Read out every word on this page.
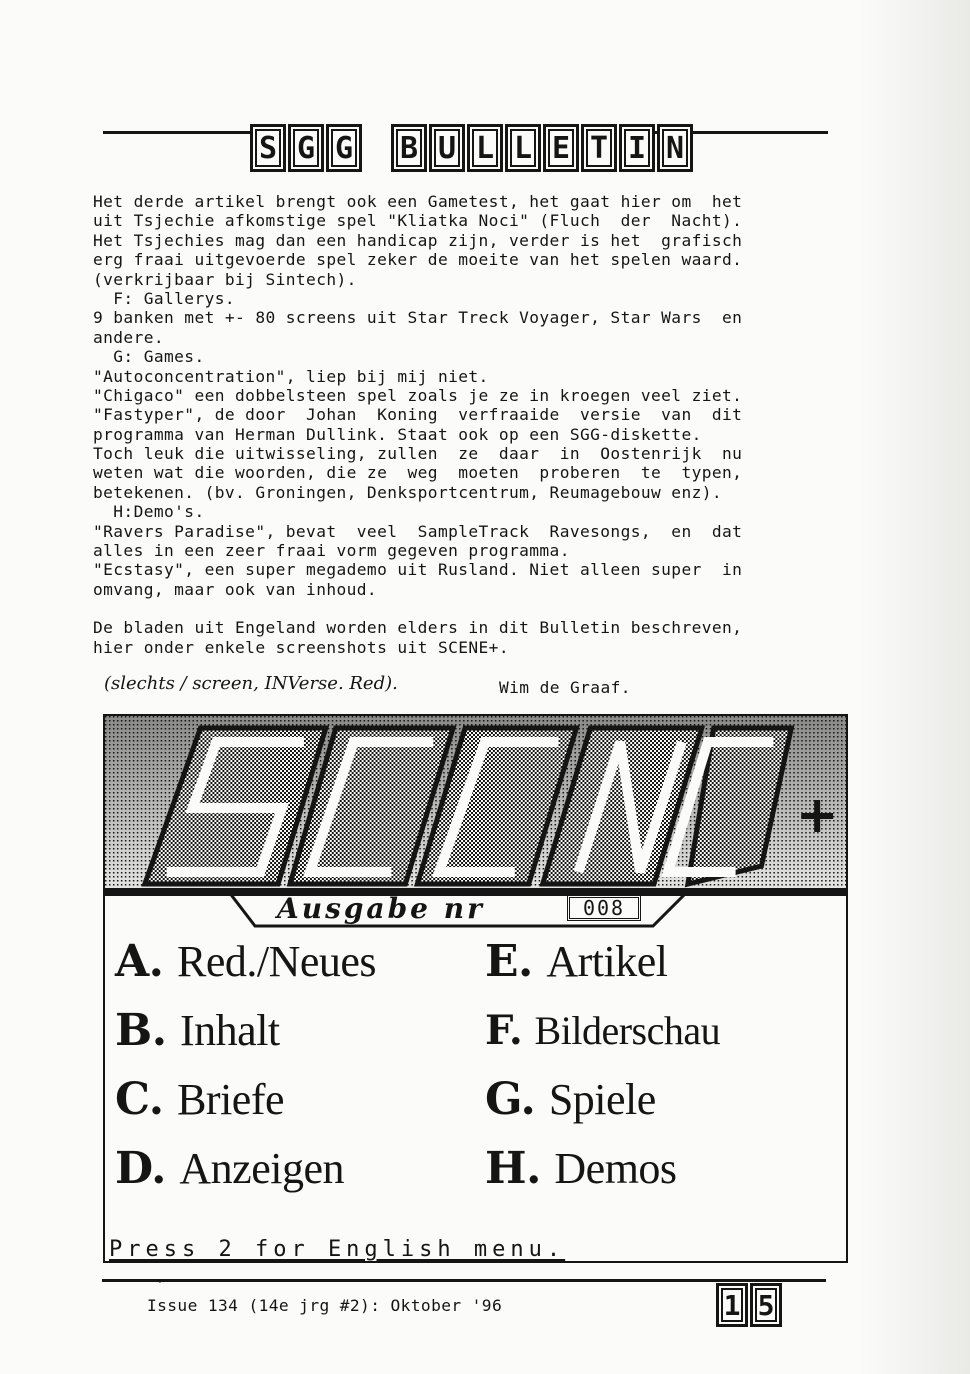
S G G B U L L E T I N
Het derde artikel brengt ook een Gametest, het gaat hier om  het
uit Tsjechie afkomstige spel "Kliatka Noci" (Fluch  der  Nacht).
Het Tsjechies mag dan een handicap zijn, verder is het  grafisch
erg fraai uitgevoerde spel zeker de moeite van het spelen waard.
(verkrijbaar bij Sintech).
F: Gallerys.
9 banken met +- 80 screens uit Star Treck Voyager, Star Wars  en
andere.
G: Games.
"Autoconcentration", liep bij mij niet.
"Chigaco" een dobbelsteen spel zoals je ze in kroegen veel ziet.
"Fastyper", de door  Johan  Koning  verfraaide  versie  van  dit
programma van Herman Dullink. Staat ook op een SGG-diskette.
Toch leuk die uitwisseling, zullen  ze  daar  in  Oostenrijk  nu
weten wat die woorden, die ze  weg  moeten  proberen  te  typen,
betekenen. (bv. Groningen, Denksportcentrum, Reumagebouw enz).
H:Demo's.
"Ravers Paradise", bevat  veel  SampleTrack  Ravesongs,  en  dat
alles in een zeer fraai vorm gegeven programma.
"Ecstasy", een super megademo uit Rusland. Niet alleen super  in
omvang, maar ook van inhoud.
De bladen uit Engeland worden elders in dit Bulletin beschreven,
hier onder enkele screenshots uit SCENE+.
(slechts / screen, INVerse. Red).	Wim de Graaf.
Ausgabe nr	008
A. Red./Neues
B. Inhalt
C. Briefe
D. Anzeigen
E. Artikel
F. Bilderschau
G. Spiele
H. Demos
Press 2 for English menu.
·
Issue 134 (14e jrg #2): Oktober '96	1 5
